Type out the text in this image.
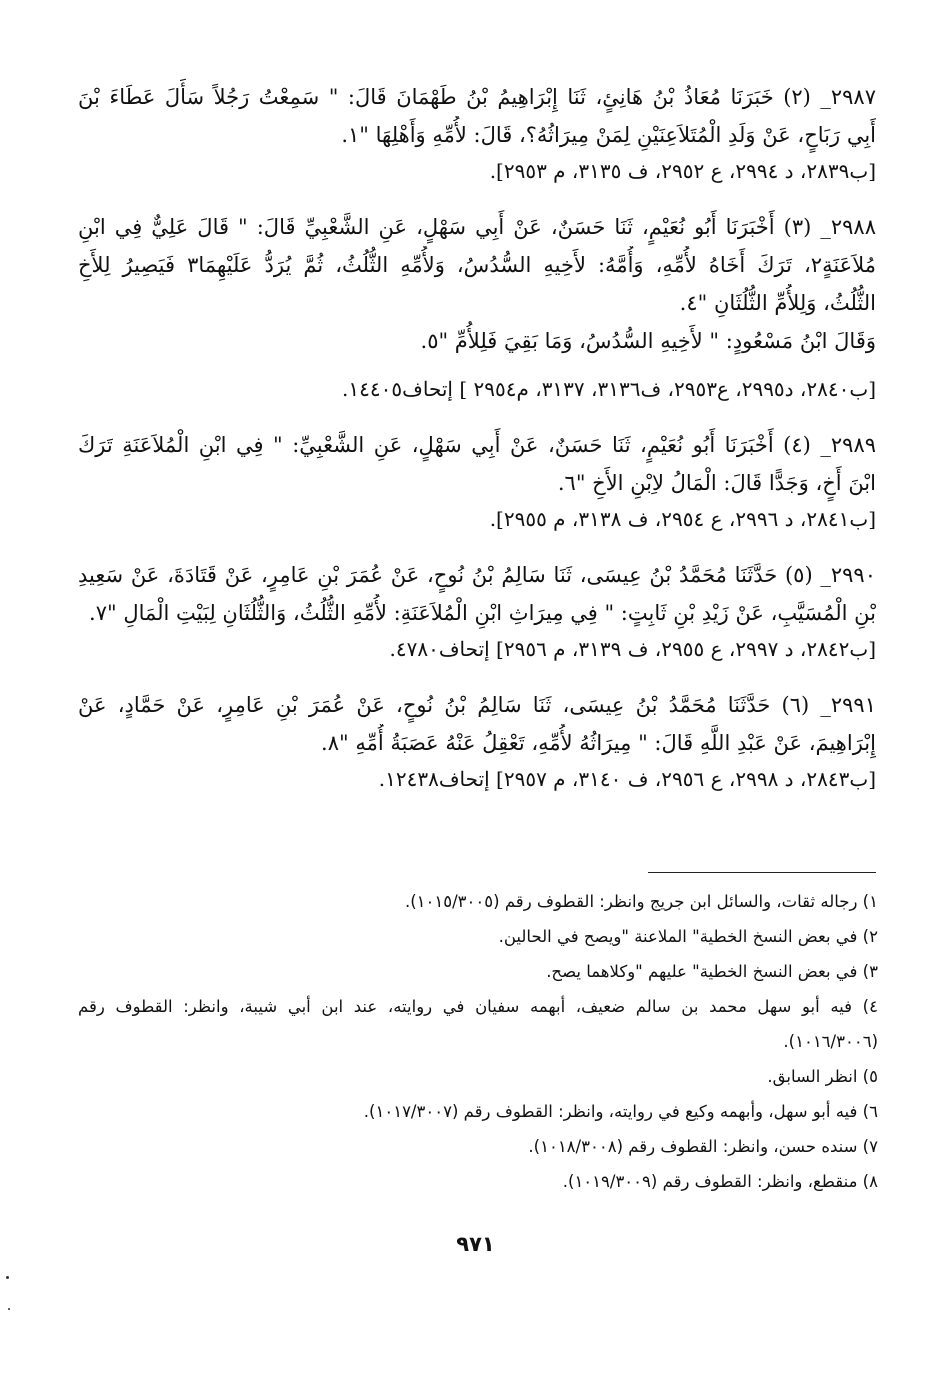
٢٩٨٧_ (٢) خَبَرَنَا مُعَاذُ بْنُ هَانِئٍ، ثَنَا إِبْرَاهِيمُ بْنُ طَهْمَانَ قَالَ: " سَمِعْتُ رَجُلاً سَأَلَ عَطَاءَ بْنَ
أَبِي رَبَاحٍ، عَنْ وَلَدِ الْمُتَلاَعِنَيْنِ لِمَنْ مِيرَاثُهُ؟، قَالَ: لأُمِّهِ وَأَهْلِهَا "١.
[ب٢٨٣٩، د ٢٩٩٤، ع ٢٩٥٢، ف ٣١٣٥، م ٢٩٥٣].
٢٩٨٨_ (٣) أَخْبَرَنَا أَبُو نُعَيْمٍ، ثَنَا حَسَنٌ، عَنْ أَبِي سَهْلٍ، عَنِ الشَّعْبِيِّ قَالَ: " قَالَ عَلِيٌّ فِي ابْنِ
مُلاَعَنَةٍ٢، تَرَكَ أَخَاهُ لأُمِّهِ، وَأُمَّهُ: لأَخِيهِ السُّدُسُ، وَلأُمِّهِ الثُّلُثُ، ثُمَّ يُرَدُّ عَلَيْهِمَا٣ فَيَصِيرُ لِلأَخِ
الثُّلُثُ، وَلِلأُمِّ الثُّلُثَانِ "٤.
وَقَالَ ابْنُ مَسْعُودٍ: " لأَخِيهِ السُّدُسُ، وَمَا بَقِيَ فَلِلأُمِّ "٥.
[ب٢٨٤٠، د٢٩٩٥، ع٢٩٥٣، ف٣١٣٦، ٣١٣٧، م٢٩٥٤ ] إتحاف١٤٤٠٥.
٢٩٨٩_ (٤) أَخْبَرَنَا أَبُو نُعَيْمٍ، ثَنَا حَسَنٌ، عَنْ أَبِي سَهْلٍ، عَنِ الشَّعْبِيِّ: " فِي ابْنِ الْمُلاَعَنَةِ تَرَكَ
ابْنَ أَخٍ، وَجَدًّا قَالَ: الْمَالُ لاِبْنِ الأَخِ "٦.
[ب٢٨٤١، د ٢٩٩٦، ع ٢٩٥٤، ف ٣١٣٨، م ٢٩٥٥].
٢٩٩٠_ (٥) حَدَّثَنَا مُحَمَّدُ بْنُ عِيسَى، ثَنَا سَالِمُ بْنُ نُوحٍ، عَنْ عُمَرَ بْنِ عَامِرٍ، عَنْ قَتَادَةَ، عَنْ سَعِيدِ
بْنِ الْمُسَيَّبِ، عَنْ زَيْدِ بْنِ ثَابِتٍ: " فِي مِيرَاثِ ابْنِ الْمُلاَعَنَةِ: لأُمِّهِ الثُّلُثُ، وَالثُّلُثَانِ لِبَيْتِ الْمَالِ "٧.
[ب٢٨٤٢، د ٢٩٩٧، ع ٢٩٥٥، ف ٣١٣٩، م ٢٩٥٦] إتحاف٤٧٨٠.
٢٩٩١_ (٦) حَدَّثَنَا مُحَمَّدُ بْنُ عِيسَى، ثَنَا سَالِمُ بْنُ نُوحٍ، عَنْ عُمَرَ بْنِ عَامِرٍ، عَنْ حَمَّادٍ، عَنْ
إِبْرَاهِيمَ، عَنْ عَبْدِ اللَّهِ قَالَ: " مِيرَاثُهُ لأُمِّهِ، تَعْقِلُ عَنْهُ عَصَبَةُ أُمِّهِ "٨.
[ب٢٨٤٣، د ٢٩٩٨، ع ٢٩٥٦، ف ٣١٤٠، م ٢٩٥٧] إتحاف١٢٤٣٨.
١) رجاله ثقات، والسائل ابن جريج وانظر: القطوف رقم (١٠١٥/٣٠٠٥).
٢) في بعض النسخ الخطية" الملاعنة "ويصح في الحالين.
٣) في بعض النسخ الخطية" عليهم "وكلاهما يصح.
٤) فيه أبو سهل محمد بن سالم ضعيف، أبهمه سفيان في روايته، عند ابن أبي شيبة، وانظر: القطوف رقم
(١٠١٦/٣٠٠٦).
٥) انظر السابق.
٦) فيه أبو سهل، وأبهمه وكيع في روايته، وانظر: القطوف رقم (١٠١٧/٣٠٠٧).
٧) سنده حسن، وانظر: القطوف رقم (١٠١٨/٣٠٠٨).
٨) منقطع، وانظر: القطوف رقم (١٠١٩/٣٠٠٩).
٩٧١
